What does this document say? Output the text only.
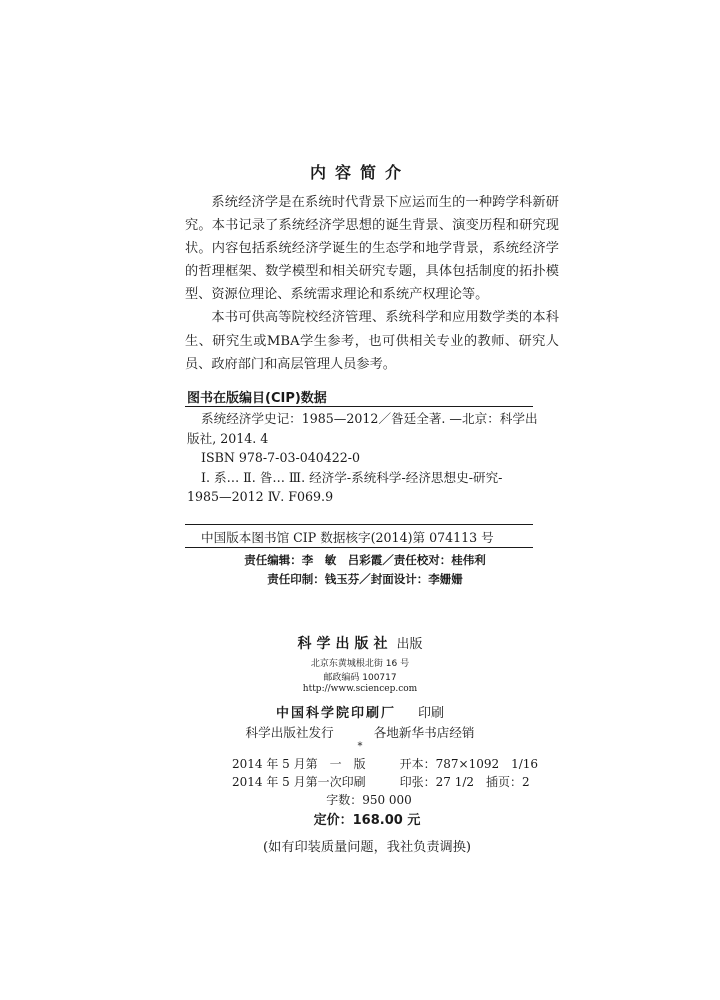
内容简介

系统经济学是在系统时代背景下应运而生的一种跨学科新研究。本书记录了系统经济学思想的诞生背景、演变历程和研究现状。内容包括系统经济学诞生的生态学和地学背景，系统经济学的哲理框架、数学模型和相关研究专题，具体包括制度的拓扑模型、资源位理论、系统需求理论和系统产权理论等。

本书可供高等院校经济管理、系统科学和应用数学类的本科生、研究生或MBA学生参考，也可供相关专业的教师、研究人员、政府部门和高层管理人员参考。

图书在版编目(CIP)数据
系统经济学史记：1985—2012／昝廷全著. —北京：科学出
版社, 2014. 4
ISBN 978-7-03-040422-0
Ⅰ. 系… Ⅱ. 昝… Ⅲ. 经济学-系统科学-经济思想史-研究-
1985—2012 Ⅳ. F069.9
中国版本图书馆 CIP 数据核字(2014)第 074113 号
责任编辑：李　敏　吕彩霞／责任校对：桂伟利
责任印制：钱玉芬／封面设计：李姗姗
科学出版社 出版
北京东黄城根北街 16 号
邮政编码 100717
http://www.sciencep.com
中国科学院印刷厂 印刷
科学出版社发行　	各地新华书店经销
*
2014 年 5 月第　一　版	开本：787×1092　1/16
2014 年 5 月第一次印刷	印张：27 1/2　插页：2
字数：950 000
定价：168.00 元
(如有印装质量问题，我社负责调换)
